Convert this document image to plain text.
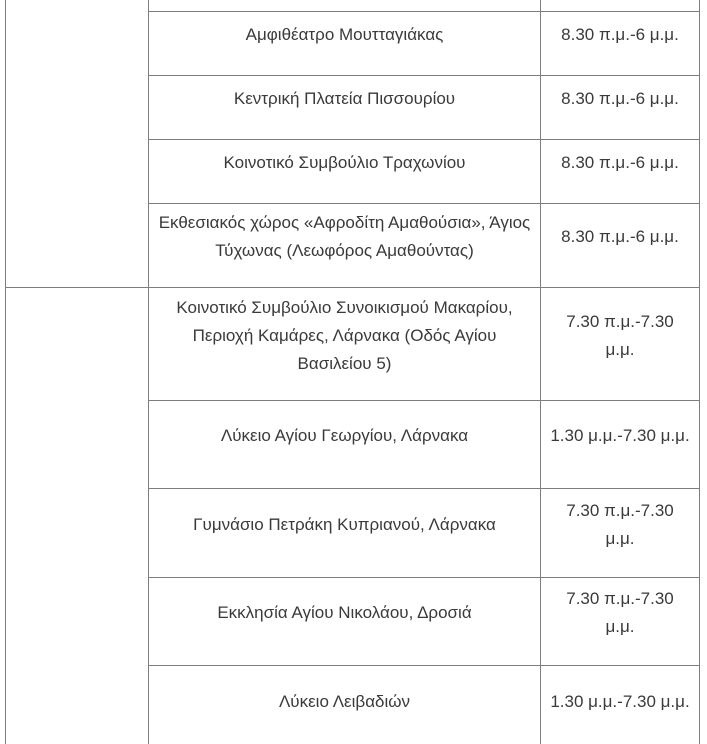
	Αμφιθέατρο Μουτταγιάκας	8.30 π.μ.-6 μ.μ.

	Κεντρική Πλατεία Πισσουρίου	8.30 π.μ.-6 μ.μ.

	Κοινοτικό Συμβούλιο Τραχωνίου	8.30 π.μ.-6 μ.μ.

	Εκθεσιακός χώρος «Αφροδίτη Αμαθούσια», Άγιος Τύχωνας (Λεωφόρος Αμαθούντας)	8.30 π.μ.-6 μ.μ.

	Κοινοτικό Συμβούλιο Συνοικισμού Μακαρίου, Περιοχή Καμάρες, Λάρνακα (Οδός Αγίου Βασιλείου 5)	7.30 π.μ.-7.30 μ.μ.

	Λύκειο Αγίου Γεωργίου, Λάρνακα	1.30 μ.μ.-7.30 μ.μ.

	Γυμνάσιο Πετράκη Κυπριανού, Λάρνακα	7.30 π.μ.-7.30 μ.μ.

	Εκκλησία Αγίου Νικολάου, Δροσιά	7.30 π.μ.-7.30 μ.μ.

	Λύκειο Λειβαδιών	1.30 μ.μ.-7.30 μ.μ.
